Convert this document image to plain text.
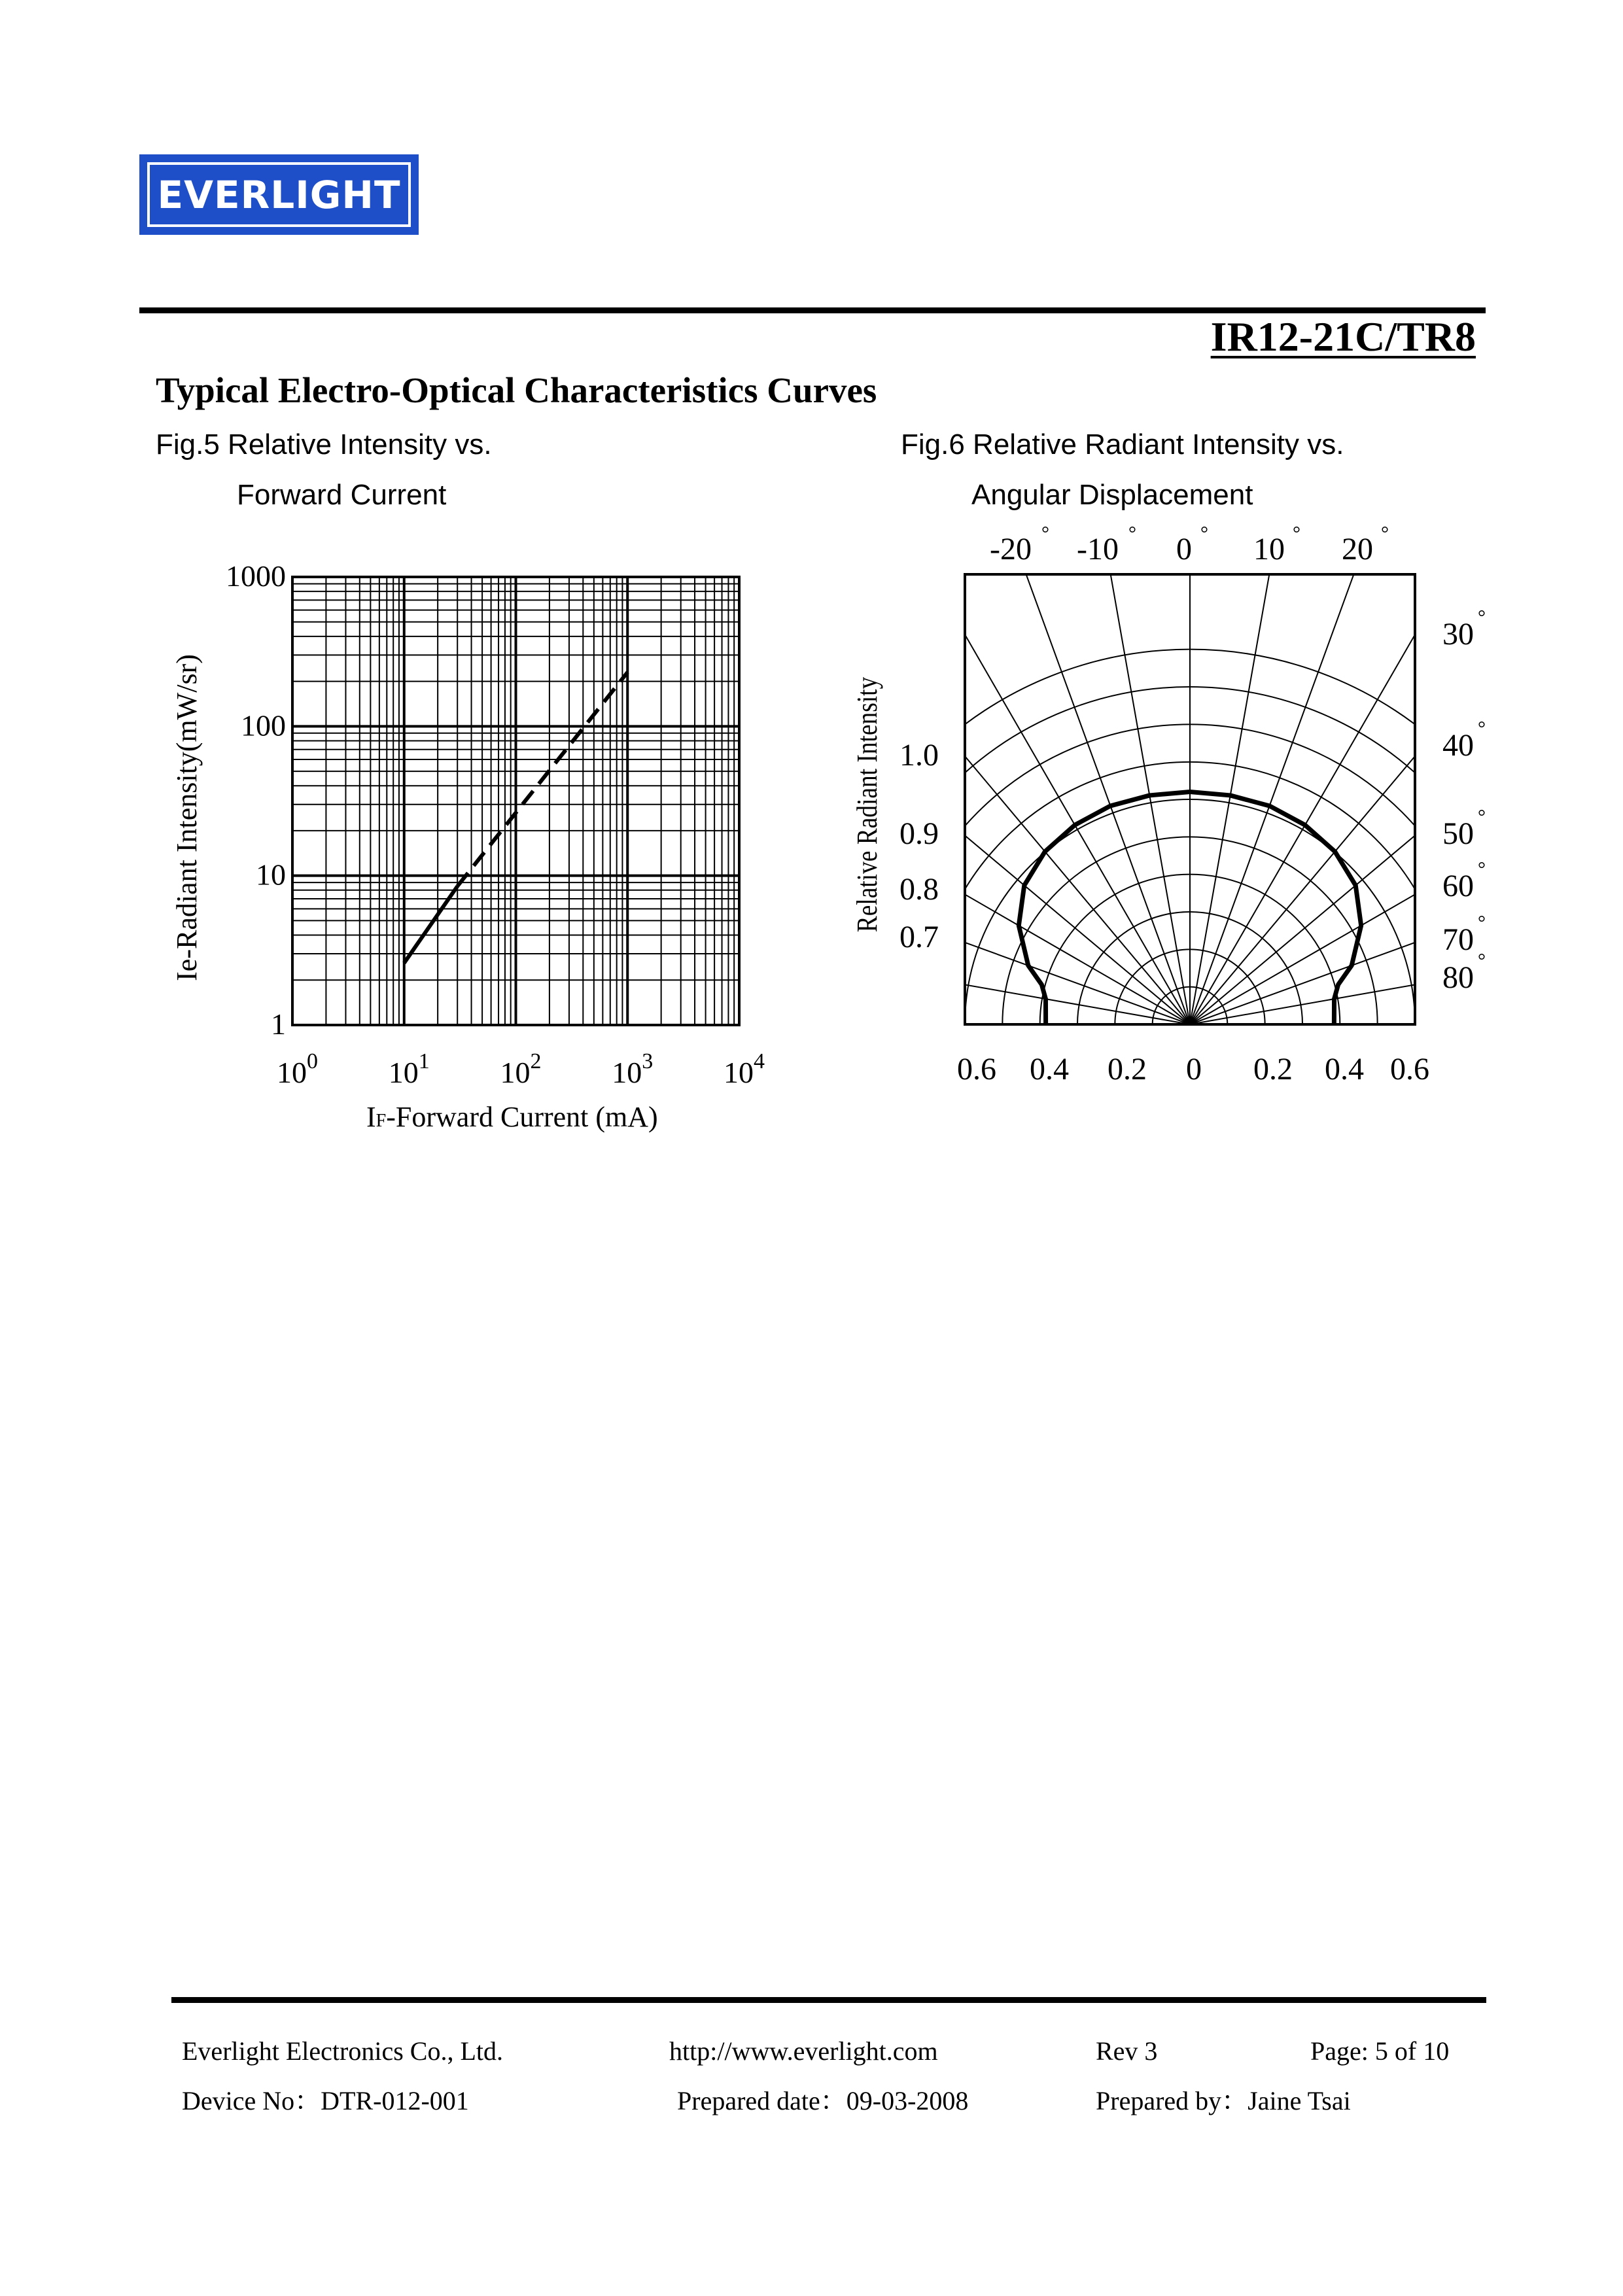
EVERLIGHT
IR12-21C/TR8
Typical Electro-Optical Characteristics Curves
Fig.5 Relative Intensity vs.
Forward Current
Fig.6 Relative Radiant Intensity vs.
Angular Displacement
1
10
100
1000
$10^0$ $10^1$ $10^2$ $10^3$ $10^4$
Ie-Radiant Intensity(mW/sr)
IF-Forward Current (mA)
-20 ° -10 ° 0 ° 10 ° 20 °
30 °
40 °
50 °
60 °
70 °
80 °
1.0
0.9
0.8
0.7
0.6 0.4 0.2 0 0.2 0.4 0.6
Relative Radiant Intensity
Everlight Electronics Co., Ltd.	http://www.everlight.com	Rev 3	Page: 5 of 10
Device No：DTR-012-001	Prepared date：09-03-2008	Prepared by：Jaine Tsai
